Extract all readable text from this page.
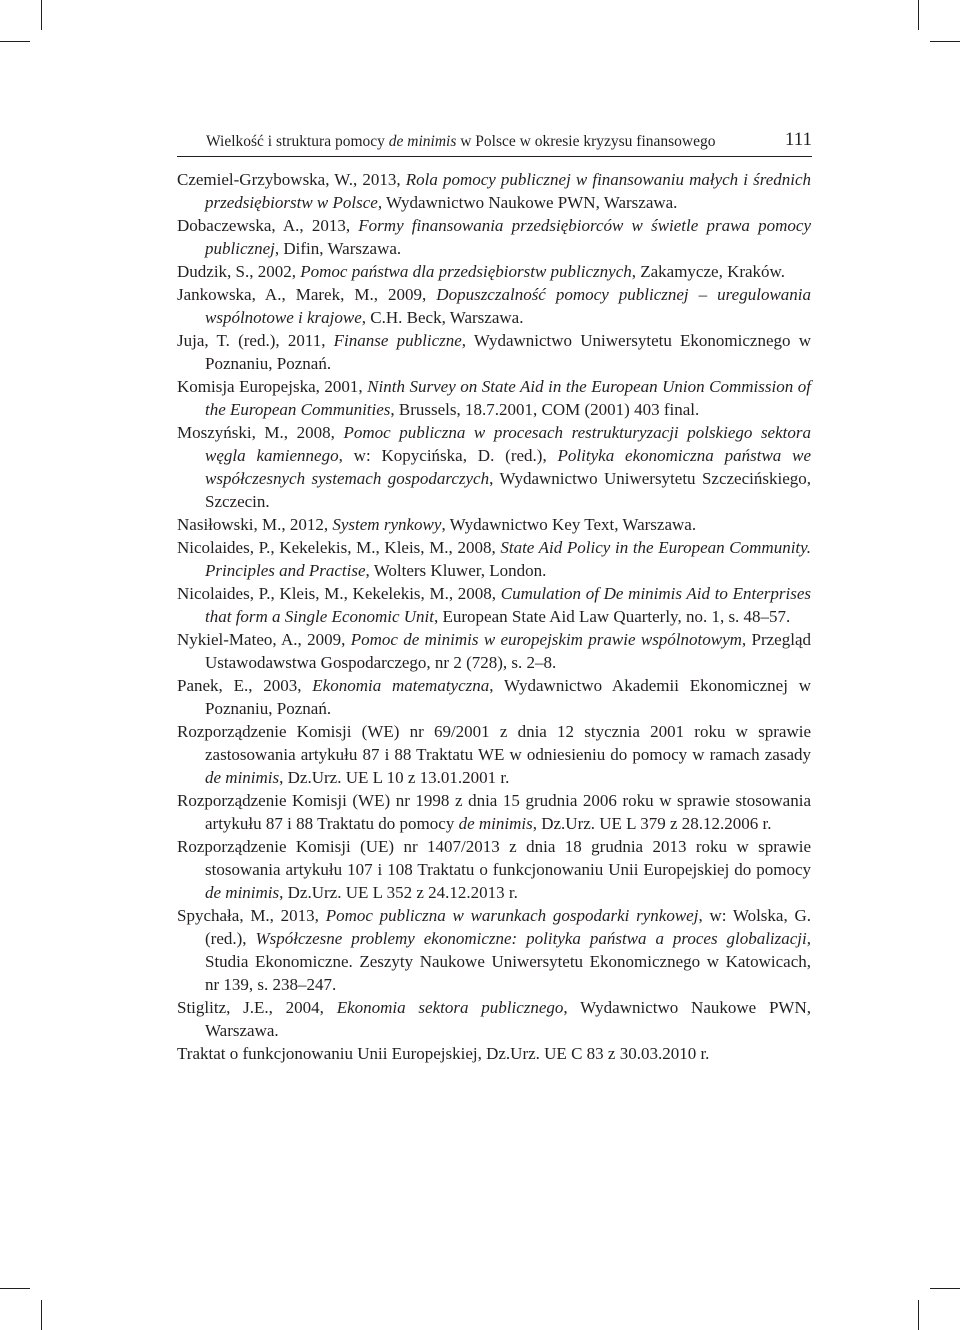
Wielkość i struktura pomocy de minimis w Polsce w okresie kryzysu finansowego	111
Czemiel-Grzybowska, W., 2013, Rola pomocy publicznej w finansowaniu małych i średnich przedsiębiorstw w Polsce, Wydawnictwo Naukowe PWN, Warszawa.
Dobaczewska, A., 2013, Formy finansowania przedsiębiorców w świetle prawa pomocy publicznej, Difin, Warszawa.
Dudzik, S., 2002, Pomoc państwa dla przedsiębiorstw publicznych, Zakamycze, Kraków.
Jankowska, A., Marek, M., 2009, Dopuszczalność pomocy publicznej – uregulowania wspólnotowe i krajowe, C.H. Beck, Warszawa.
Juja, T. (red.), 2011, Finanse publiczne, Wydawnictwo Uniwersytetu Ekonomicznego w Poznaniu, Poznań.
Komisja Europejska, 2001, Ninth Survey on State Aid in the European Union Commission of the European Communities, Brussels, 18.7.2001, COM (2001) 403 final.
Moszyński, M., 2008, Pomoc publiczna w procesach restrukturyzacji polskiego sektora węgla kamiennego, w: Kopycińska, D. (red.), Polityka ekonomiczna państwa we współczesnych systemach gospodarczych, Wydawnictwo Uniwersytetu Szczecińskiego, Szczecin.
Nasiłowski, M., 2012, System rynkowy, Wydawnictwo Key Text, Warszawa.
Nicolaides, P., Kekelekis, M., Kleis, M., 2008, State Aid Policy in the European Community. Principles and Practise, Wolters Kluwer, London.
Nicolaides, P., Kleis, M., Kekelekis, M., 2008, Cumulation of De minimis Aid to Enterprises that form a Single Economic Unit, European State Aid Law Quarterly, no. 1, s. 48–57.
Nykiel-Mateo, A., 2009, Pomoc de minimis w europejskim prawie wspólnotowym, Przegląd Ustawodawstwa Gospodarczego, nr 2 (728), s. 2–8.
Panek, E., 2003, Ekonomia matematyczna, Wydawnictwo Akademii Ekonomicznej w Poznaniu, Poznań.
Rozporządzenie Komisji (WE) nr 69/2001 z dnia 12 stycznia 2001 roku w sprawie zastosowania artykułu 87 i 88 Traktatu WE w odniesieniu do pomocy w ramach zasady de minimis, Dz.Urz. UE L 10 z 13.01.2001 r.
Rozporządzenie Komisji (WE) nr 1998 z dnia 15 grudnia 2006 roku w sprawie stosowania artykułu 87 i 88 Traktatu do pomocy de minimis, Dz.Urz. UE L 379 z 28.12.2006 r.
Rozporządzenie Komisji (UE) nr 1407/2013 z dnia 18 grudnia 2013 roku w sprawie stosowania artykułu 107 i 108 Traktatu o funkcjonowaniu Unii Europejskiej do pomocy de minimis, Dz.Urz. UE L 352 z 24.12.2013 r.
Spychała, M., 2013, Pomoc publiczna w warunkach gospodarki rynkowej, w: Wolska, G. (red.), Współczesne problemy ekonomiczne: polityka państwa a proces globalizacji, Studia Ekonomiczne. Zeszyty Naukowe Uniwersytetu Ekonomicznego w Katowicach, nr 139, s. 238–247.
Stiglitz, J.E., 2004, Ekonomia sektora publicznego, Wydawnictwo Naukowe PWN, Warszawa.
Traktat o funkcjonowaniu Unii Europejskiej, Dz.Urz. UE C 83 z 30.03.2010 r.
